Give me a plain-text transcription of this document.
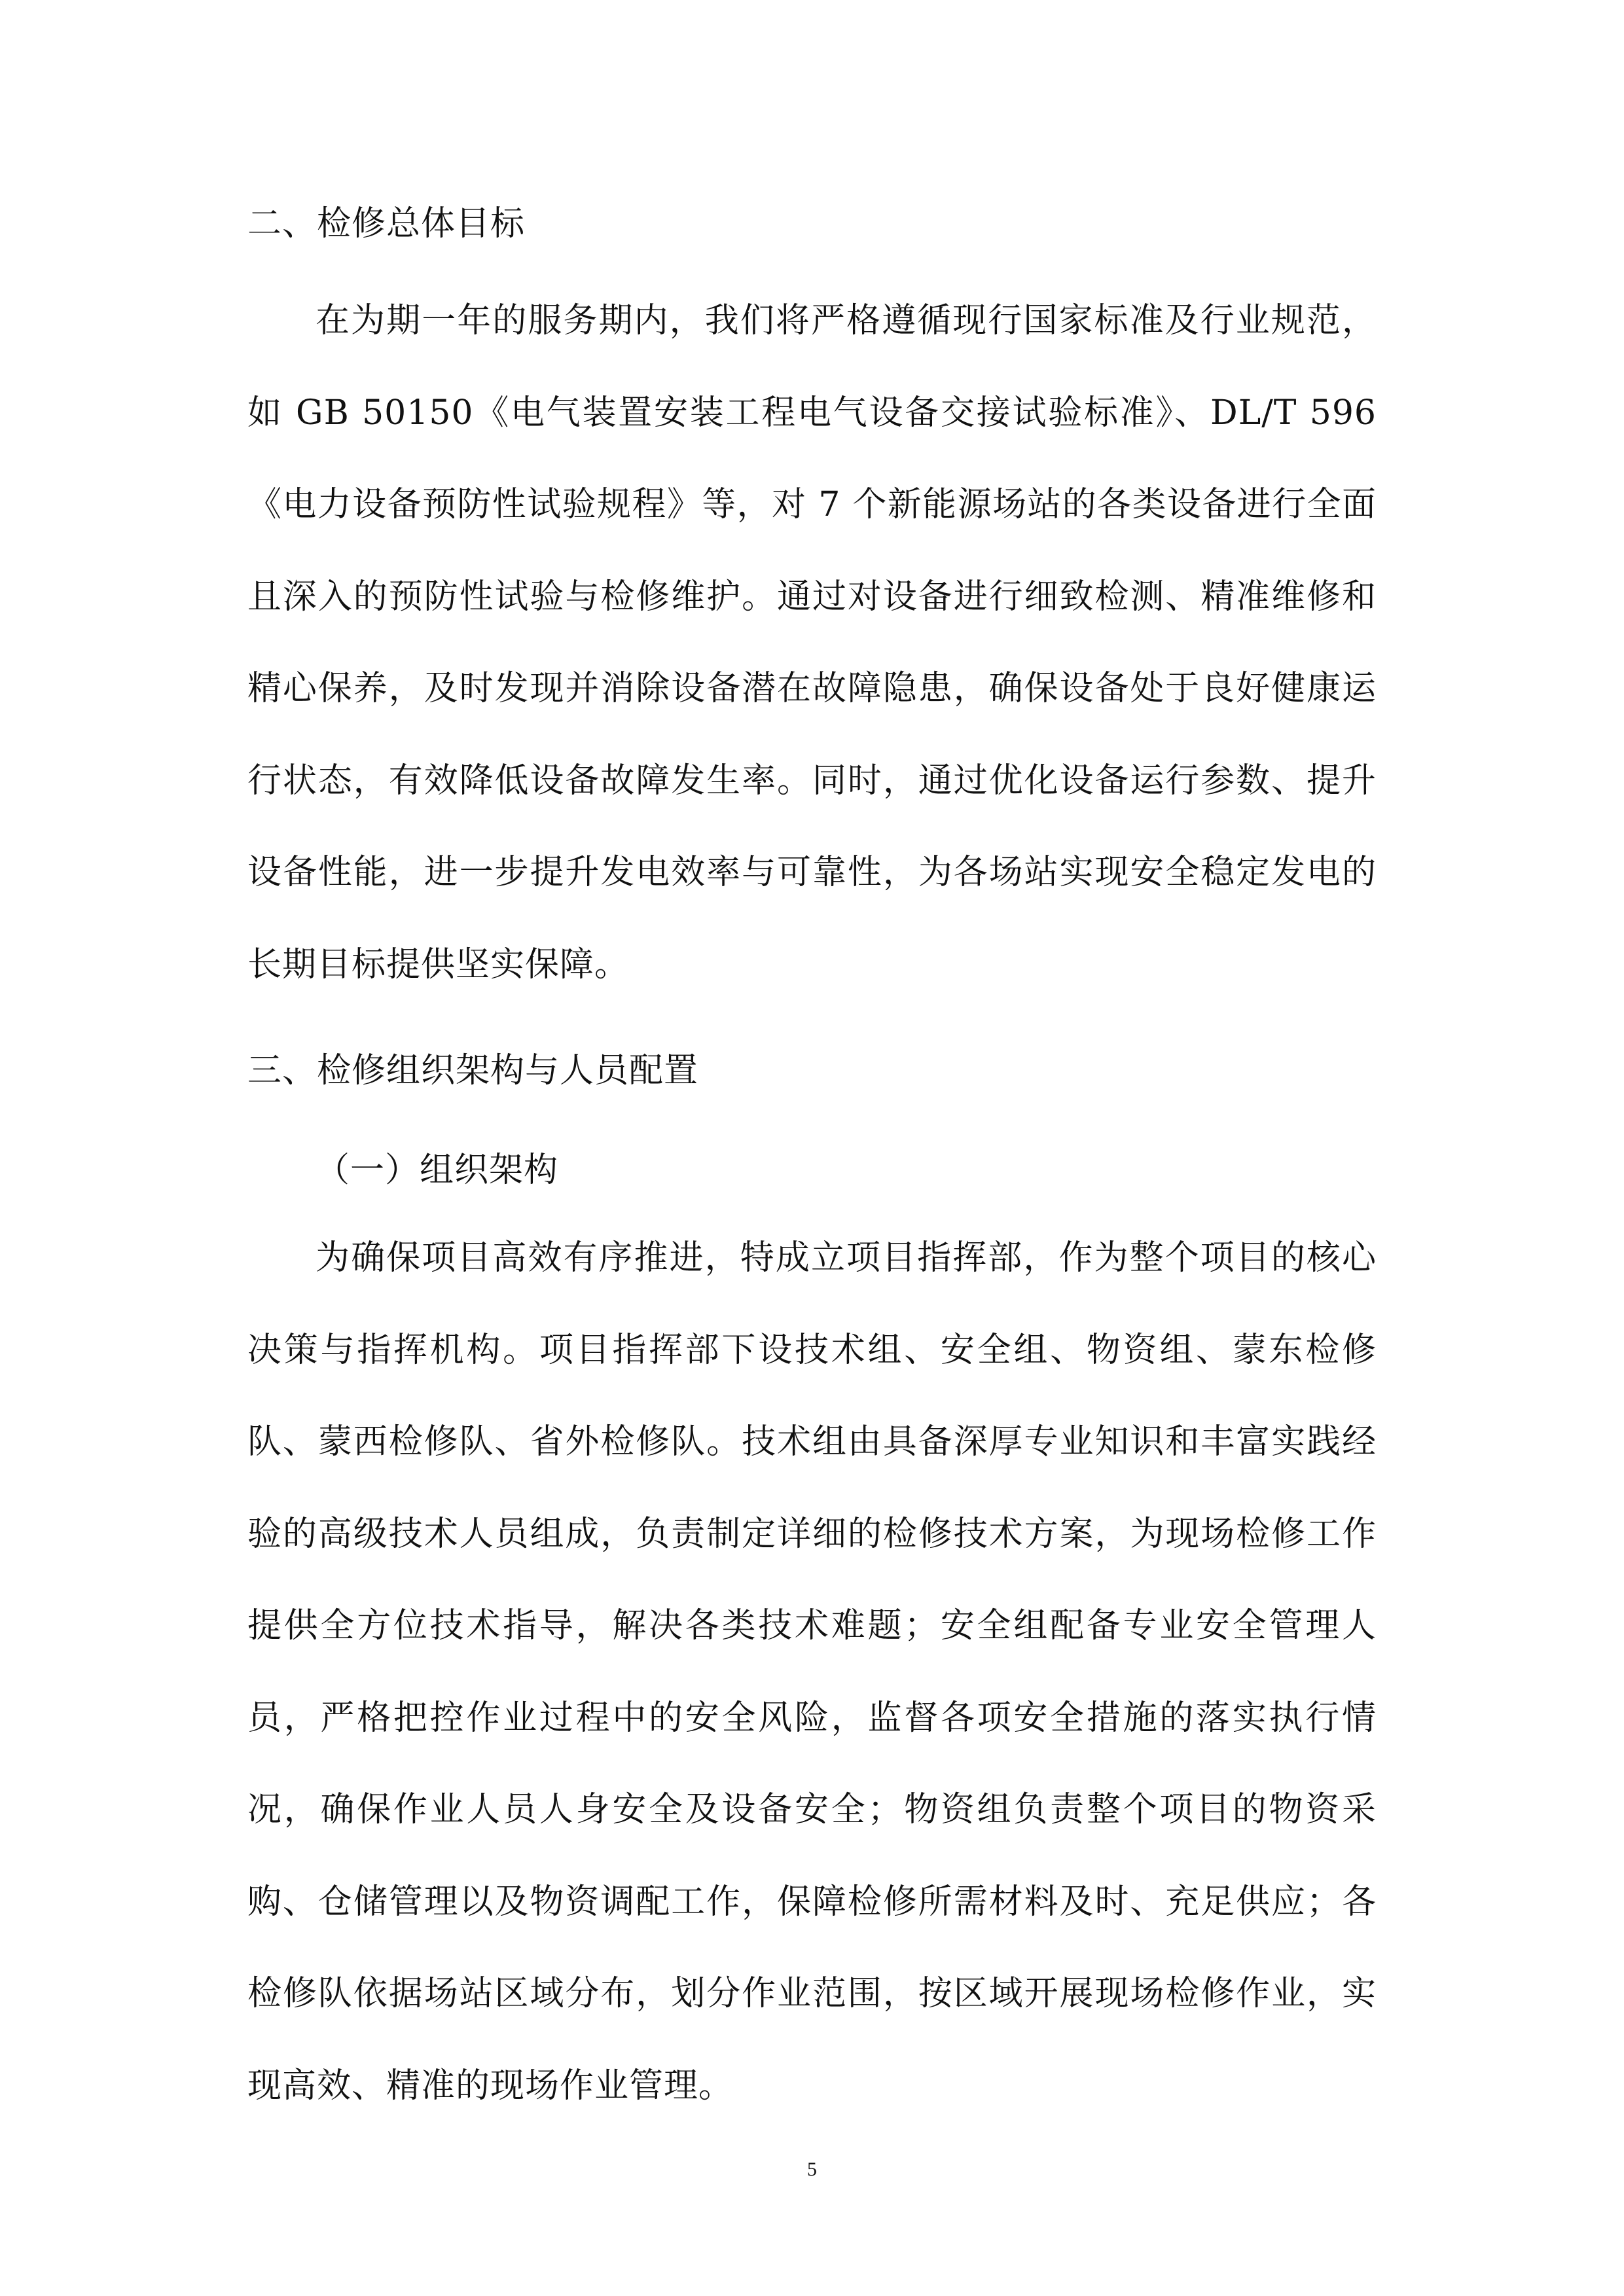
二、检修总体目标

在为期一年的服务期内，我们将严格遵循现行国家标准及行业规范，如 GB 50150《电气装置安装工程电气设备交接试验标准》、DL/T 596《电力设备预防性试验规程》等，对 7 个新能源场站的各类设备进行全面且深入的预防性试验与检修维护。通过对设备进行细致检测、精准维修和精心保养，及时发现并消除设备潜在故障隐患，确保设备处于良好健康运行状态，有效降低设备故障发生率。同时，通过优化设备运行参数、提升设备性能，进一步提升发电效率与可靠性，为各场站实现安全稳定发电的长期目标提供坚实保障。

三、检修组织架构与人员配置
（一）组织架构

为确保项目高效有序推进，特成立项目指挥部，作为整个项目的核心决策与指挥机构。项目指挥部下设技术组、安全组、物资组、蒙东检修队、蒙西检修队、省外检修队。技术组由具备深厚专业知识和丰富实践经验的高级技术人员组成，负责制定详细的检修技术方案，为现场检修工作提供全方位技术指导，解决各类技术难题；安全组配备专业安全管理人员，严格把控作业过程中的安全风险，监督各项安全措施的落实执行情况，确保作业人员人身安全及设备安全；物资组负责整个项目的物资采购、仓储管理以及物资调配工作，保障检修所需材料及时、充足供应；各检修队依据场站区域分布，划分作业范围，按区域开展现场检修作业，实现高效、精准的现场作业管理。

5
